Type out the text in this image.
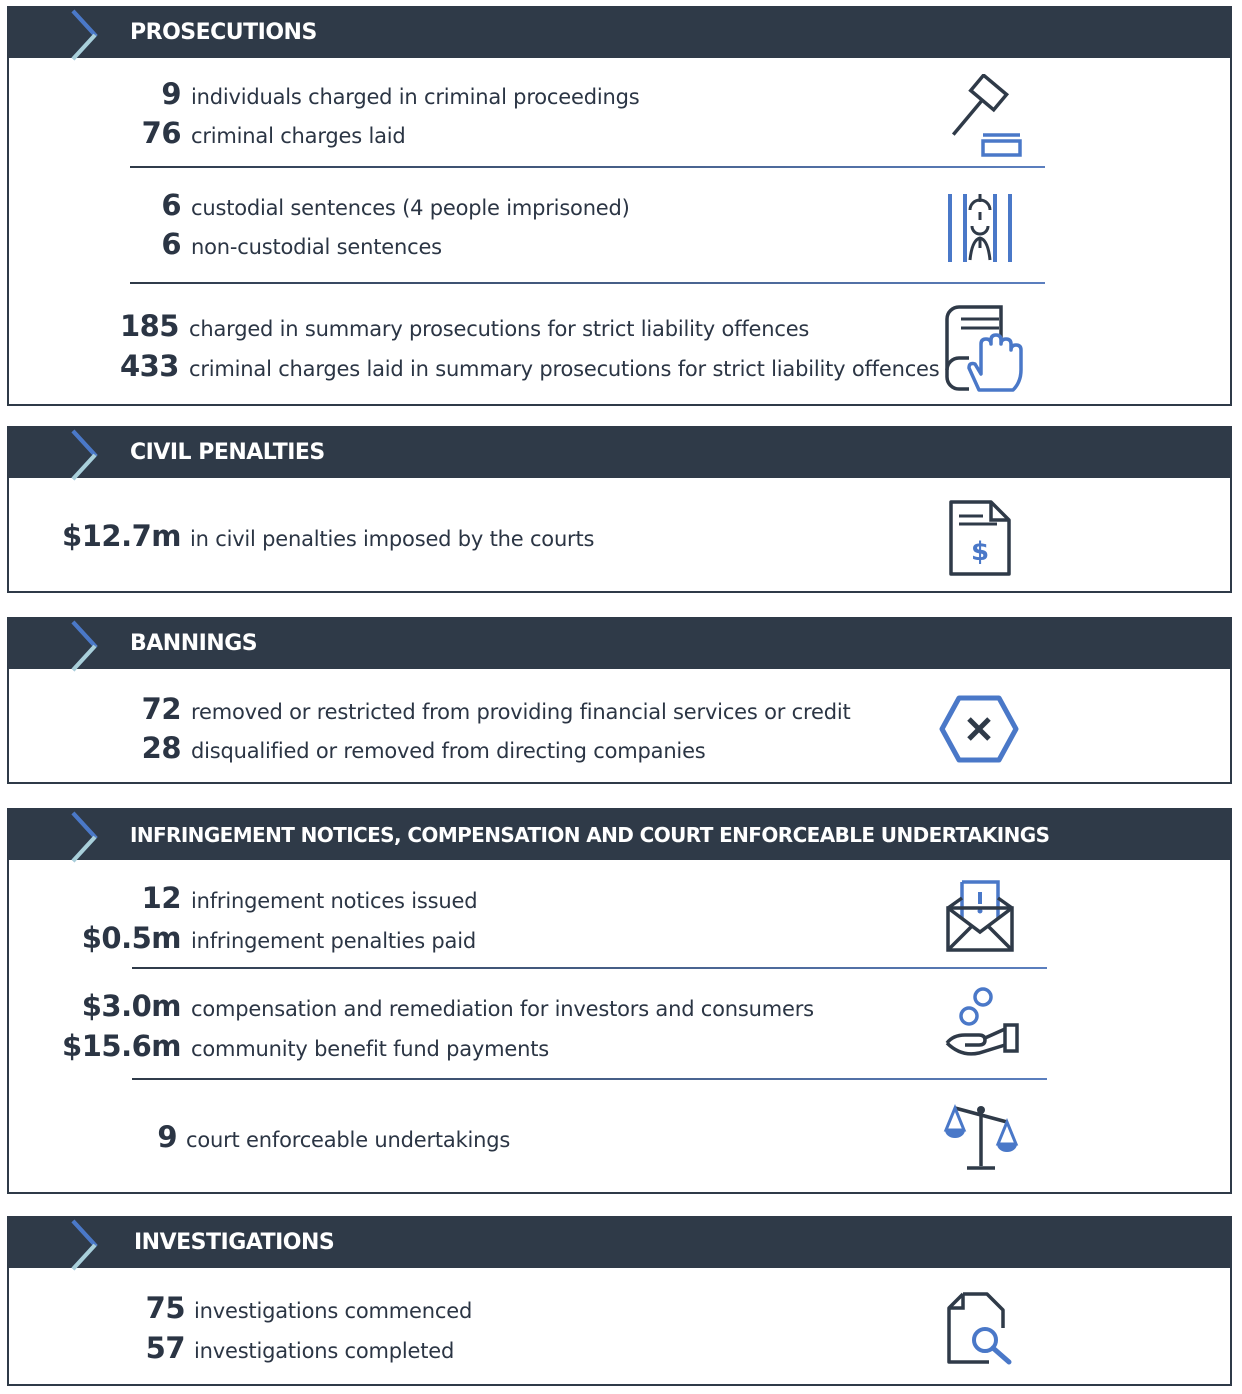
PROSECUTIONS
9 individuals charged in criminal proceedings
76 criminal charges laid
6 custodial sentences (4 people imprisoned)
6 non-custodial sentences
185 charged in summary prosecutions for strict liability offences
433 criminal charges laid in summary prosecutions for strict liability offences
CIVIL PENALTIES
$12.7m in civil penalties imposed by the courts	$
BANNINGS
72 removed or restricted from providing financial services or credit
28 disqualified or removed from directing companies
INFRINGEMENT NOTICES, COMPENSATION AND COURT ENFORCEABLE UNDERTAKINGS
12 infringement notices issued
$0.5m infringement penalties paid
$3.0m compensation and remediation for investors and consumers
$15.6m community benefit fund payments
9 court enforceable undertakings
INVESTIGATIONS
75 investigations commenced
57 investigations completed
